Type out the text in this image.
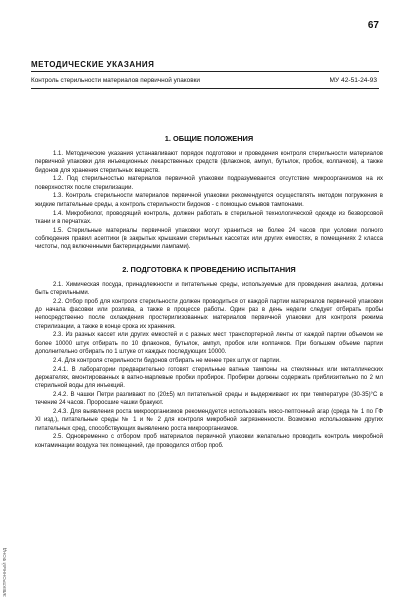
67
МЕТОДИЧЕСКИЕ УКАЗАНИЯ
Контроль стерильности материалов первичной упаковки	МУ 42-51-24-93
1. ОБЩИЕ ПОЛОЖЕНИЯ

1.1. Методические указания устанавливают порядок подготовки и проведения контроля стерильности материалов первичной упаковки для инъекционных лекарственных средств (флаконов, ампул, бутылок, пробок, колпачков), а также бидонов для хранения стерильных веществ.

1.2. Под стерильностью материалов первичной упаковки подразумевается отсутствие микроорганизмов на их поверхностях после стерилизации.

1.3. Контроль стерильности материалов первичной упаковки рекомендуется осуществлять методом погружения в жидкие питательные среды, а контроль стерильности бидонов - с помощью смывов тампонами.

1.4. Микробиолог, проводящий контроль, должен работать в стерильной технологической одежде из безворсовой ткани и в перчатках.

1.5. Стерильные материалы первичной упаковки могут храниться не более 24 часов при условии полного соблюдения правил асептики (в закрытых крышками стерильных кассетах или других емкостях, в помещениях 2 класса чистоты, под включенными бактерицидными лампами).

2. ПОДГОТОВКА К ПРОВЕДЕНИЮ ИСПЫТАНИЯ

2.1. Химическая посуда, принадлежности и питательные среды, используемые для проведения анализа, должны быть стерильными.

2.2. Отбор проб для контроля стерильности должен проводиться от каждой партии материалов первичной упаковки до начала фасовки или розлива, а также в процессе работы. Один раз в день недели следует отбирать пробы непосредственно после охлаждения простерилизованных материалов первичной упаковки для контроля режима стерилизации, а также в конце срока их хранения.

2.3. Из разных кассет или других емкостей и с разных мест транспортерной ленты от каждой партии объемом не более 10000 штук отбирать по 10 флаконов, бутылок, ампул, пробок или колпачков. При большем объеме партии дополнительно отбирать по 1 штуке от каждых последующих 10000.

2.4. Для контроля стерильности бидонов отбирать не менее трех штук от партии.

2.4.1. В лаборатории предварительно готовят стерильные ватные тампоны на стеклянных или металлических держателях, вмонтированных в ватно-марлевые пробки пробирок. Пробирки должны содержать приблизительно по 2 мл стерильной воды для инъекций.

2.4.2. В чашки Петри разливают по (20±5) мл питательной среды и выдерживают их при температуре (30-35)°С в течение 24 часов. Проросшие чашки бракуют.

2.4.3. Для выявления роста микроорганизмов рекомендуется использовать мясо-пептонный агар (среда № 1 по ГФ XI изд.), питательные среды № 1 и № 2 для контроля микробной загрязненности. Возможно использование других питательных сред, способствующих выявлению роста микроорганизмов.

2.5. Одновременно с отбором проб материалов первичной упаковки желательно проводить контроль микробной контаминации воздуха тех помещений, где проводился отбор проб.

ЭЛЕКТРОННЫЙ ФОНД
